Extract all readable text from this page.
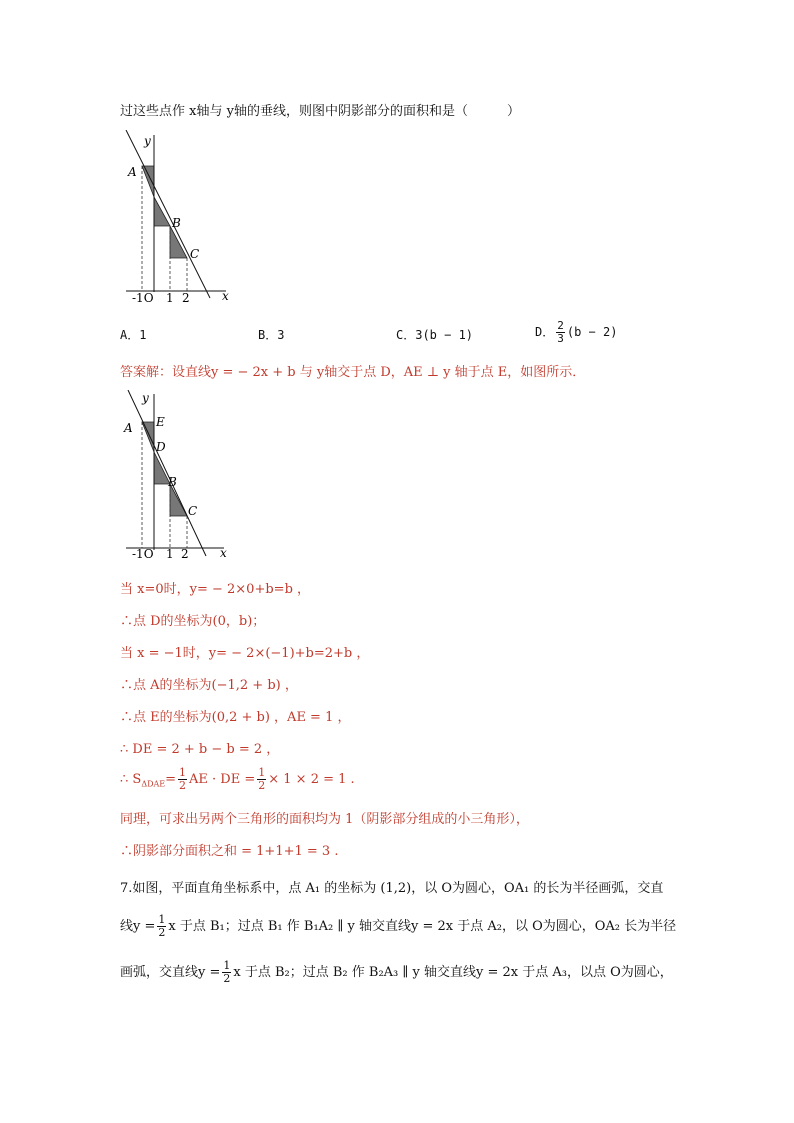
过这些点作 x轴与 y轴的垂线，则图中阴影部分的面积和是（　　　）
y
x
A
B
C
-1O 1 2
A．1	B．3	C．3(b − 1)	D． $\frac{2}{3} (b - 2)$
答案解：设直线y = − 2x + b 与 y轴交于点 D，AE ⊥ y 轴于点 E，如图所示．
y
x
A E
D
B
C
-1O 1 2
当 x=0时，y= − 2×0+b=b ，
∴点 D的坐标为(0，b)；
当 x = −1时，y= − 2×(−1)+b=2+b ，
∴点 A的坐标为(−1,2 + b) ，
∴点 E的坐标为(0,2 + b) ，AE = 1 ，
∴ DE = 2 + b − b = 2 ，
∴ $S_{\Delta DAE}= \frac{1}{2}$ AE · DE = $\frac{1}{2} \times 1 \times 2 = 1$ .
同理，可求出另两个三角形的面积均为 1（阴影部分组成的小三角形），
∴阴影部分面积之和 = 1+1+1 = 3 .
7.如图，平面直角坐标系中，点 A₁ 的坐标为 (1,2)，以 O为圆心，OA₁ 的长为半径画弧，交直
线$y = \frac{1}{2}$ x 于点 B₁；过点 B₁ 作 B₁A₂ ∥ y 轴交直线y = 2x 于点 A₂，以 O为圆心，OA₂ 长为半径
画弧，交直线$y = \frac{1}{2}$ x 于点 B₂；过点 B₂ 作 B₂A₃ ∥ y 轴交直线y = 2x 于点 A₃，以点 O为圆心，
